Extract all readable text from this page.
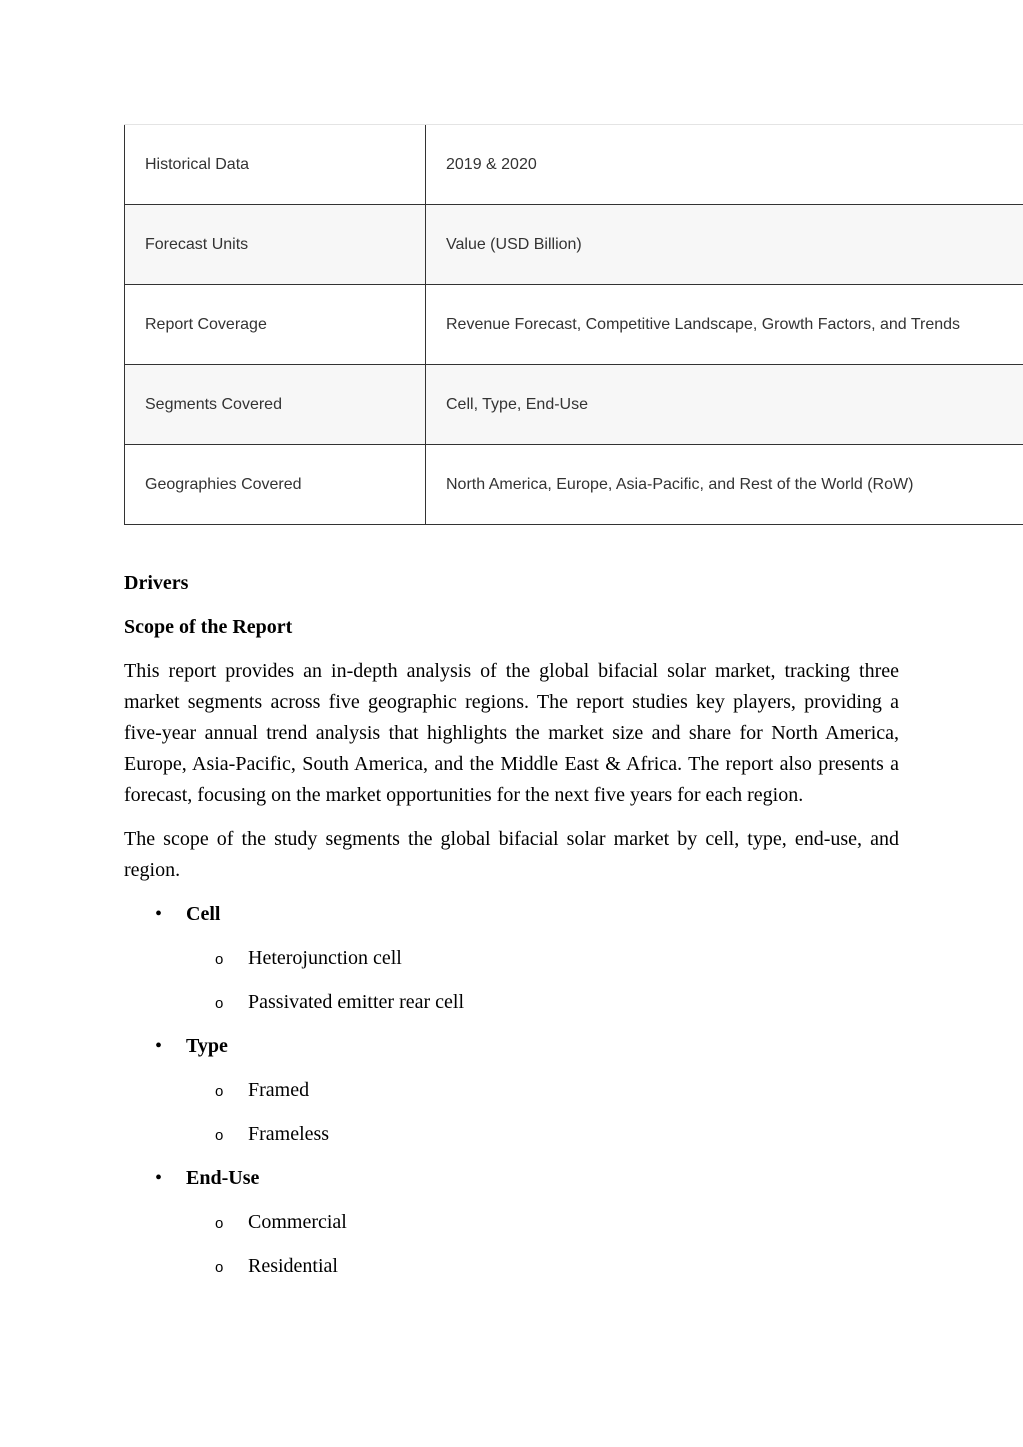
Historical Data	2019 & 2020
Forecast Units	Value (USD Billion)
Report Coverage	Revenue Forecast, Competitive Landscape, Growth Factors, and Trends
Segments Covered	Cell, Type, End-Use
Geographies Covered	North America, Europe, Asia-Pacific, and Rest of the World (RoW)
Drivers
Scope of the Report

This report provides an in-depth analysis of the global bifacial solar market, tracking three market segments across five geographic regions. The report studies key players, providing a five-year annual trend analysis that highlights the market size and share for North America, Europe, Asia-Pacific, South America, and the Middle East & Africa. The report also presents a forecast, focusing on the market opportunities for the next five years for each region.

The scope of the study segments the global bifacial solar market by cell, type, end-use, and region.

• Cell
o Heterojunction cell
o Passivated emitter rear cell
• Type
o Framed
o Frameless
• End-Use
o Commercial
o Residential
